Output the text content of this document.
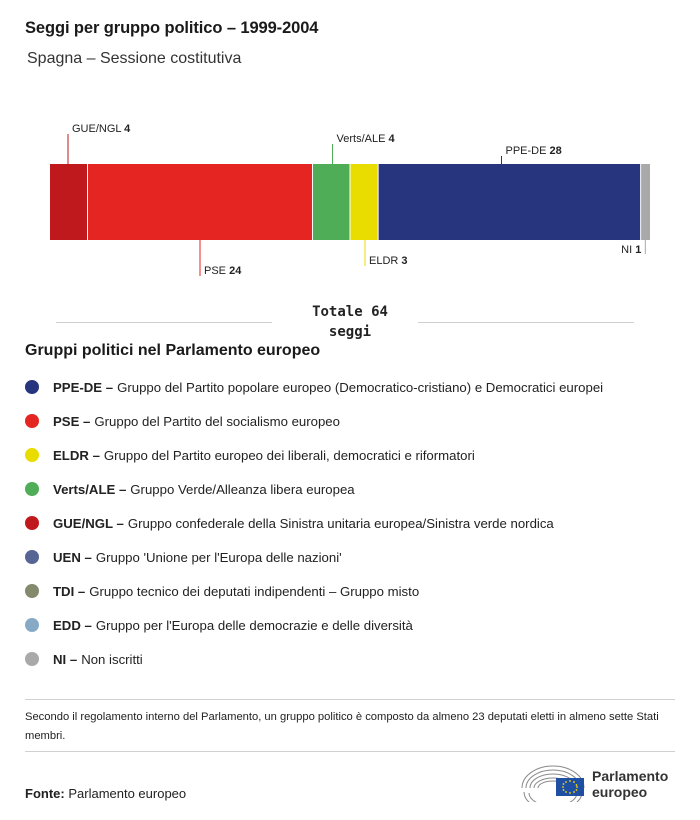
Seggi per gruppo politico – 1999-2004
Spagna – Sessione costitutiva
GUE/NGL 4
PSE 24
Verts/ALE 4
ELDR 3
PPE-DE 28
NI 1
Totale 64
seggi
Gruppi politici nel Parlamento europeo
PPE-DE – Gruppo del Partito popolare europeo (Democratico-cristiano) e Democratici europei
PSE – Gruppo del Partito del socialismo europeo
ELDR – Gruppo del Partito europeo dei liberali, democratici e riformatori
Verts/ALE – Gruppo Verde/Alleanza libera europea
GUE/NGL – Gruppo confederale della Sinistra unitaria europea/Sinistra verde nordica
UEN – Gruppo 'Unione per l'Europa delle nazioni'
TDI – Gruppo tecnico dei deputati indipendenti – Gruppo misto
EDD – Gruppo per l'Europa delle democrazie e delle diversità
NI – Non iscritti
Secondo il regolamento interno del Parlamento, un gruppo politico è composto da almeno 23 deputati eletti in almeno sette Stati membri.
Fonte: Parlamento europeo
Parlamento
europeo
